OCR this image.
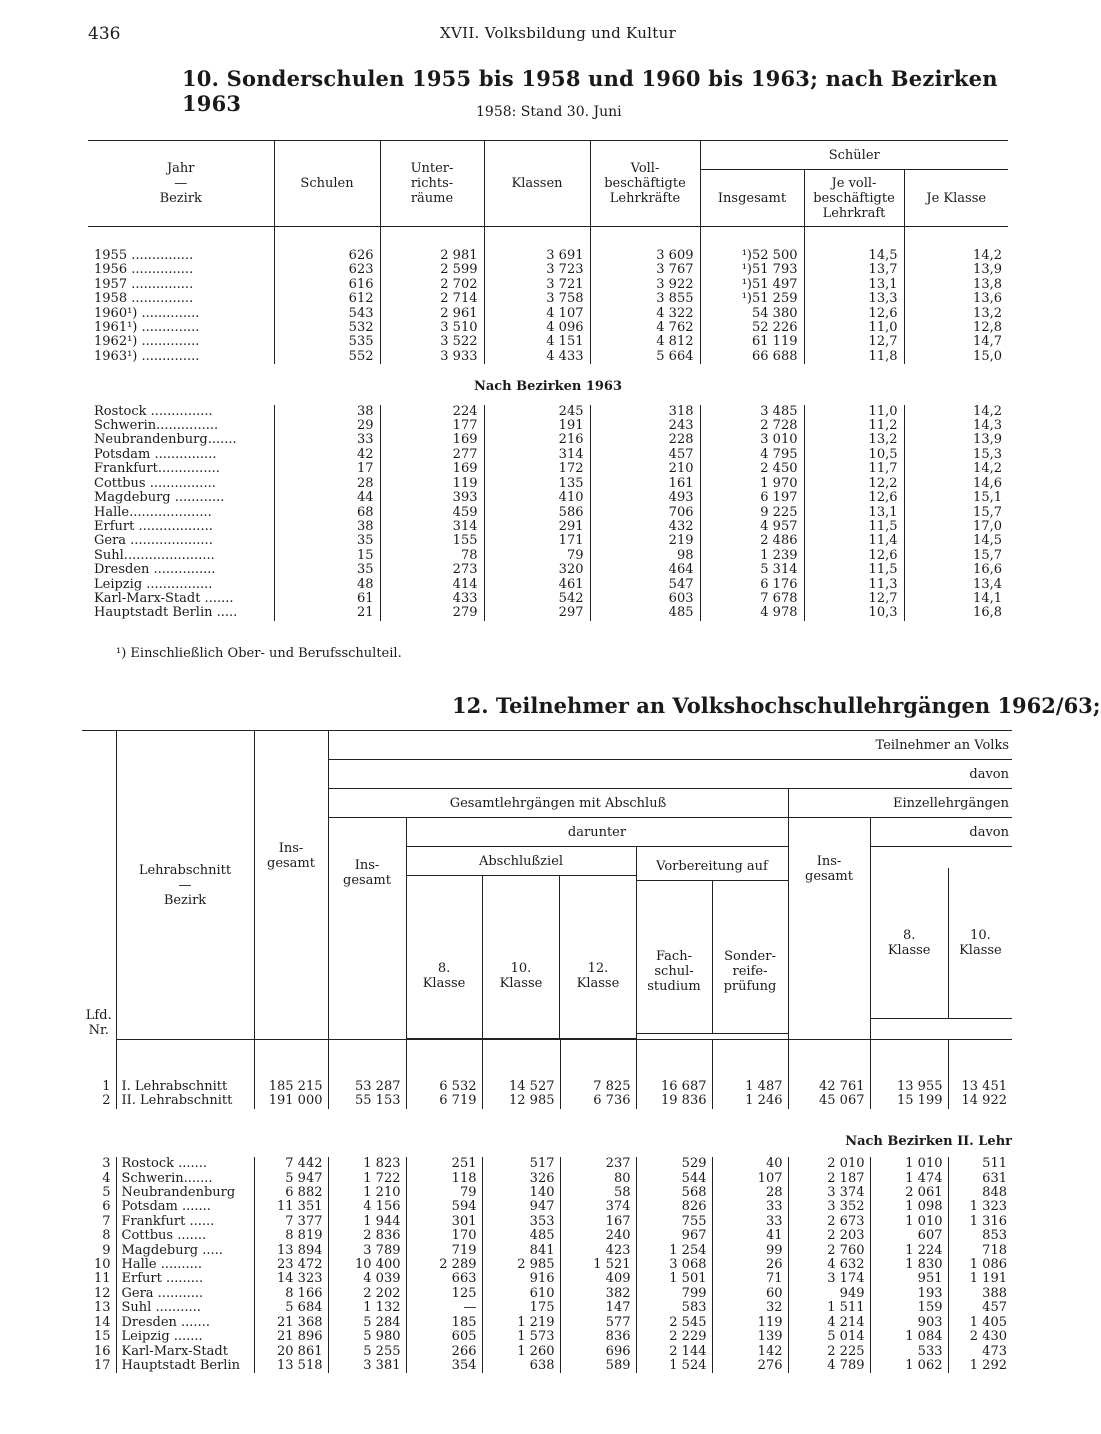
436	XVII. Volksbildung und Kultur
10. Sonderschulen 1955 bis 1958 und 1960 bis 1963; nach Bezirken 1963	1958: Stand 30. Juni
Jahr
—
Bezirk	Schulen	Unter-
richts-
räume	Klassen	Voll-
beschäftigte
Lehrkräfte	Schüler		
					Insgesamt	Je voll-
beschäftigte
Lehrkraft	Je Klasse
1955 ...............	626	2 981	3 691	3 609	¹)52 500	14,5	14,2
1956 ...............	623	2 599	3 723	3 767	¹)51 793	13,7	13,9
1957 ...............	616	2 702	3 721	3 922	¹)51 497	13,1	13,8
1958 ...............	612	2 714	3 758	3 855	¹)51 259	13,3	13,6
1960¹) ..............	543	2 961	4 107	4 322	54 380	12,6	13,2
1961¹) ..............	532	3 510	4 096	4 762	52 226	11,0	12,8
1962¹) ..............	535	3 522	4 151	4 812	61 119	12,7	14,7
1963¹) ..............	552	3 933	4 433	5 664	66 688	11,8	15,0
Nach Bezirken 1963							
Rostock ...............	38	224	245	318	3 485	11,0	14,2
Schwerin...............	29	177	191	243	2 728	11,2	14,3
Neubrandenburg.......	33	169	216	228	3 010	13,2	13,9
Potsdam ...............	42	277	314	457	4 795	10,5	15,3
Frankfurt...............	17	169	172	210	2 450	11,7	14,2
Cottbus ................	28	119	135	161	1 970	12,2	14,6
Magdeburg ............	44	393	410	493	6 197	12,6	15,1
Halle....................	68	459	586	706	9 225	13,1	15,7
Erfurt ..................	38	314	291	432	4 957	11,5	17,0
Gera ....................	35	155	171	219	2 486	11,4	14,5
Suhl......................	15	78	79	98	1 239	12,6	15,7
Dresden ...............	35	273	320	464	5 314	11,5	16,6
Leipzig ................	48	414	461	547	6 176	11,3	13,4
Karl-Marx-Stadt .......	61	433	542	603	7 678	12,7	14,1
Hauptstadt Berlin .....	21	279	297	485	4 978	10,3	16,8
¹) Einschließlich Ober- und Berufsschulteil.
12. Teilnehmer an Volkshochschullehrgängen 1962/63;
Lfd.
Nr.	Lehrabschnitt
—
Bezirk	Ins-
gesamt	Teilnehmer an Volks
davon
Gesamtlehrgängen mit Abschluß	Einzellehrgängen
Ins-
gesamt	darunter	Ins-
gesamt	davon

Abschlußziel
8.
Klasse	10.
Klasse	12.
Klasse

Vorbereitung auf
Fach-
schul-
studium	Sonder-
reife-
prüfung

8.
Klasse	10.
Klasse

1	I. Lehrabschnitt	185 215	53 287	6 532	14 527	7 825	16 687	1 487	42 761	13 955	13 451
2	II. Lehrabschnitt	191 000	55 153	6 719	12 985	6 736	19 836	1 246	45 067	15 199	14 922
Nach Bezirken II. Lehr
3	Rostock .......	7 442	1 823	251	517	237	529	40	2 010	1 010	511
4	Schwerin.......	5 947	1 722	118	326	80	544	107	2 187	1 474	631
5	Neubrandenburg	6 882	1 210	79	140	58	568	28	3 374	2 061	848
6	Potsdam .......	11 351	4 156	594	947	374	826	33	3 352	1 098	1 323
7	Frankfurt ......	7 377	1 944	301	353	167	755	33	2 673	1 010	1 316
8	Cottbus .......	8 819	2 836	170	485	240	967	41	2 203	607	853
9	Magdeburg .....	13 894	3 789	719	841	423	1 254	99	2 760	1 224	718
10	Halle ..........	23 472	10 400	2 289	2 985	1 521	3 068	26	4 632	1 830	1 086
11	Erfurt .........	14 323	4 039	663	916	409	1 501	71	3 174	951	1 191
12	Gera ...........	8 166	2 202	125	610	382	799	60	949	193	388
13	Suhl ...........	5 684	1 132	—	175	147	583	32	1 511	159	457
14	Dresden .......	21 368	5 284	185	1 219	577	2 545	119	4 214	903	1 405
15	Leipzig .......	21 896	5 980	605	1 573	836	2 229	139	5 014	1 084	2 430
16	Karl-Marx-Stadt	20 861	5 255	266	1 260	696	2 144	142	2 225	533	473
17	Hauptstadt Berlin	13 518	3 381	354	638	589	1 524	276	4 789	1 062	1 292
